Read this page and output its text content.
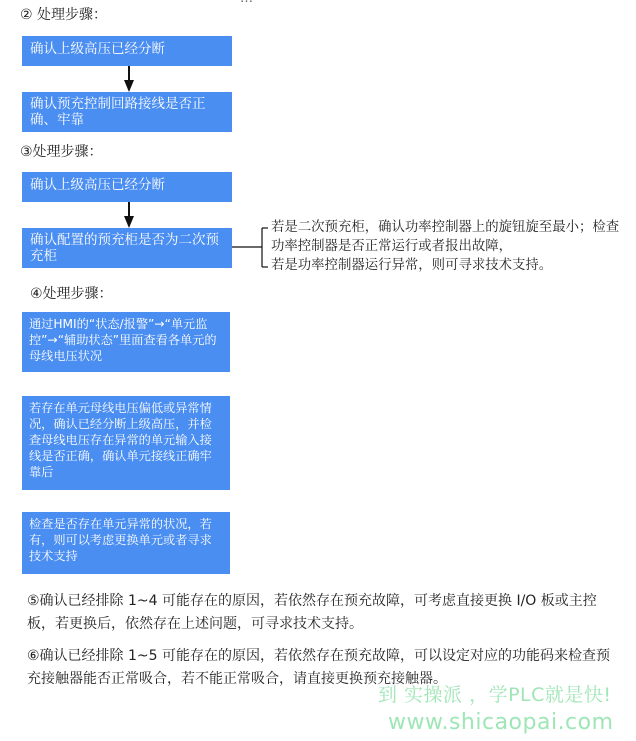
② 处理步骤：
确认上级高压已经分断
确认预充控制回路接线是否正确、牢靠
③处理步骤：
确认上级高压已经分断
确认配置的预充柜是否为二次预充柜
若是二次预充柜，确认功率控制器上的旋钮旋至最小；检查功率控制器是否正常运行或者报出故障，
若是功率控制器运行异常，则可寻求技术支持。
④处理步骤：
通过HMI的“状态/报警”→“单元监控”→“辅助状态”里面查看各单元的母线电压状况
若存在单元母线电压偏低或异常情况，确认已经分断上级高压，并检查母线电压存在异常的单元输入接线是否正确，确认单元接线正确牢靠后
检查是否存在单元异常的状况，若有，则可以考虑更换单元或者寻求技术支持
⑤确认已经排除 1~4 可能存在的原因，若依然存在预充故障，可考虑直接更换 I/O 板或主控板，若更换后，依然存在上述问题，可寻求技术支持。
⑥确认已经排除 1~5 可能存在的原因，若依然存在预充故障，可以设定对应的功能码来检查预充接触器能否正常吸合，若不能正常吸合，请直接更换预充接触器。
到 实操派 ，学PLC就是快!
www.shicaopai.com
